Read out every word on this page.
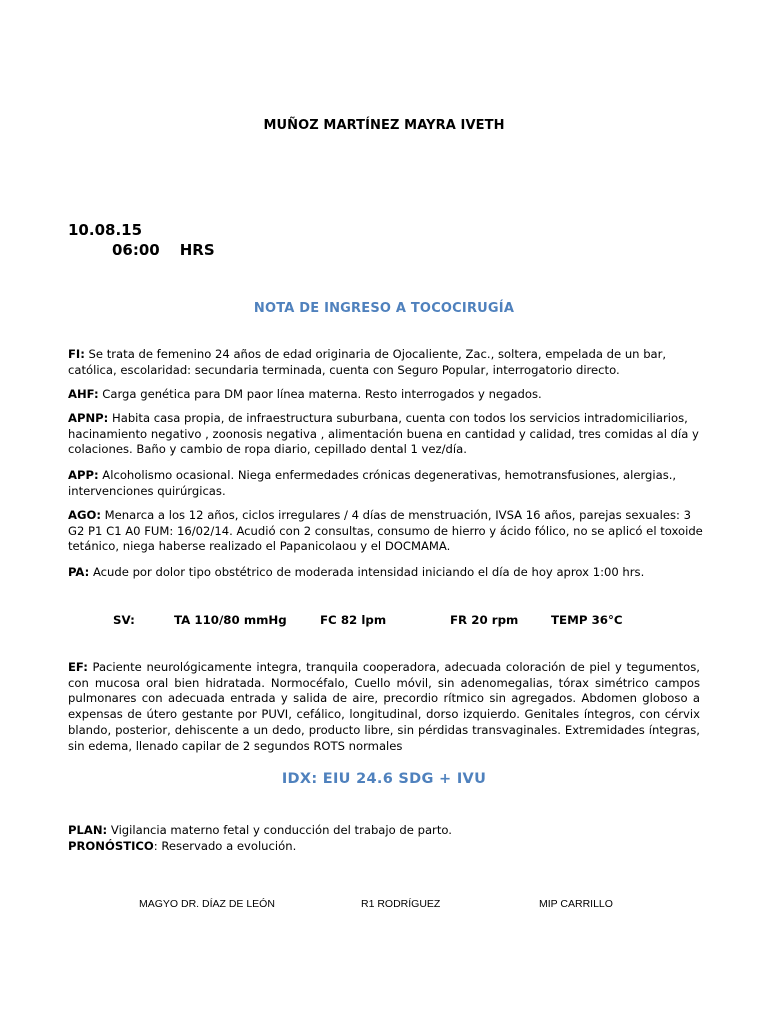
MUÑOZ MARTÍNEZ MAYRA IVETH
10.08.15
06:00 HRS
NOTA DE INGRESO A TOCOCIRUGÍA
FI: Se trata de femenino 24 años de edad originaria de Ojocaliente, Zac., soltera, empelada de un bar, católica, escolaridad: secundaria terminada, cuenta con Seguro Popular, interrogatorio directo.
AHF: Carga genética para DM paor línea materna. Resto interrogados y negados.
APNP: Habita casa propia, de infraestructura suburbana, cuenta con todos los servicios intradomiciliarios, hacinamiento negativo , zoonosis negativa , alimentación buena en cantidad y calidad, tres comidas al día y colaciones. Baño y cambio de ropa diario, cepillado dental 1 vez/día.
APP: Alcoholismo ocasional. Niega enfermedades crónicas degenerativas, hemotransfusiones, alergias., intervenciones quirúrgicas.
AGO: Menarca a los 12 años, ciclos irregulares / 4 días de menstruación, IVSA 16 años, parejas sexuales: 3 G2 P1 C1 A0 FUM: 16/02/14. Acudió con 2 consultas, consumo de hierro y ácido fólico, no se aplicó el toxoide tetánico, niega haberse realizado el Papanicolaou y el DOCMAMA.
PA: Acude por dolor tipo obstétrico de moderada intensidad iniciando el día de hoy aprox 1:00 hrs.
SV:	TA 110/80 mmHg	FC 82 lpm	FR 20 rpm	TEMP 36°C
EF: Paciente neurológicamente integra, tranquila cooperadora, adecuada coloración de piel y tegumentos, con mucosa oral bien hidratada. Normocéfalo, Cuello móvil, sin adenomegalias, tórax simétrico campos pulmonares con adecuada entrada y salida de aire, precordio rítmico sin agregados. Abdomen globoso a expensas de útero gestante por PUVI, cefálico, longitudinal, dorso izquierdo. Genitales íntegros, con cérvix blando, posterior, dehiscente a un dedo, producto libre, sin pérdidas transvaginales. Extremidades íntegras, sin edema, llenado capilar de 2 segundos ROTS normales
IDX: EIU 24.6 SDG + IVU
PLAN: Vigilancia materno fetal y conducción del trabajo de parto.
PRONÓSTICO: Reservado a evolución.
MAGYO DR. DÍAZ DE LEÓN	R1 RODRÍGUEZ	MIP CARRILLO
